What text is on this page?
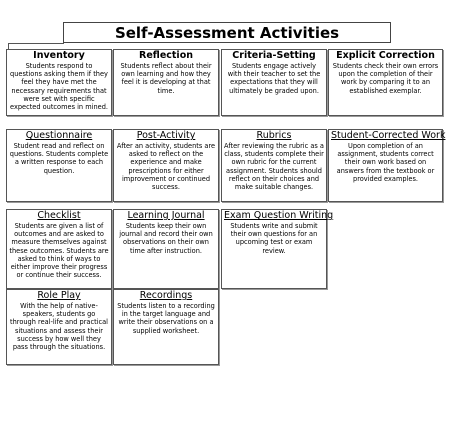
Self-Assessment Activities
Inventory
Students respond to questions asking them if they feel they have met the necessary requirements that were set with specific expected outcomes in mined.
Reflection
Students reflect about their own learning and how they feel it is developing at that time.
Criteria-Setting
Students engage actively with their teacher to set the expectations that they will ultimately be graded upon.
Explicit Correction
Students check their own errors upon the completion of their work by comparing it to an established exemplar.
Questionnaire
Student read and reflect on questions. Students complete a written response to each question.
Post-Activity
After an activity, students are asked to reflect on the experience and make prescriptions for either improvement or continued success.
Rubrics
After reviewing the rubric as a class, students complete their own rubric for the current assignment. Students should reflect on their choices and make suitable changes.
Student-Corrected Work
Upon completion of an assignment, students correct their own work based on answers from the textbook or provided examples.
Checklist
Students are given a list of outcomes and are asked to measure themselves against these outcomes. Students are asked to think of ways to either improve their progress or continue their success.
Learning Journal
Students keep their own journal and record their own observations on their own time after instruction.
Exam Question Writing
Students write and submit their own questions for an upcoming test or exam review.
Role Play
With the help of native-speakers, students go through real-life and practical situations and assess their success by how well they pass through the situations.
Recordings
Students listen to a recording in the target language and write their observations on a supplied worksheet.
